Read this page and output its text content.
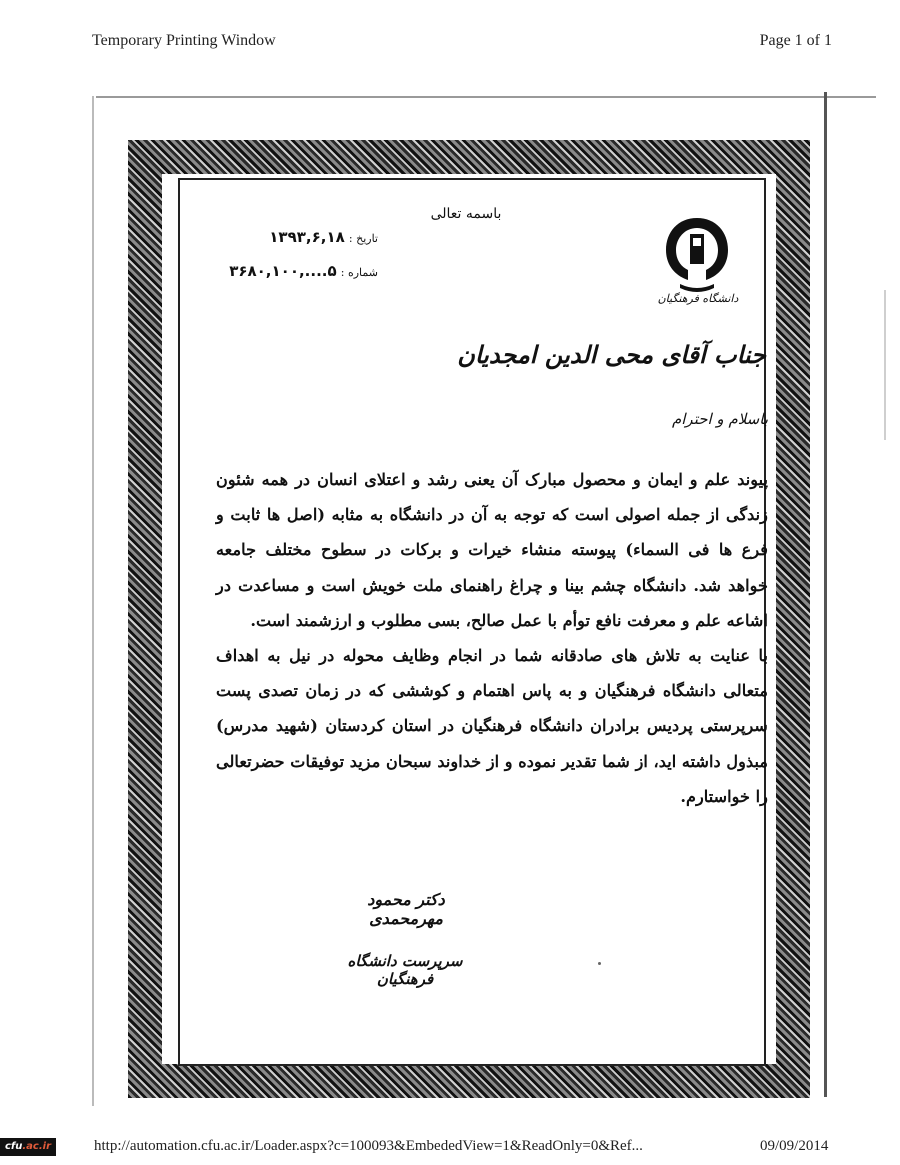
Temporary Printing Window	Page 1 of 1
دانشگاه فرهنگیان
باسمه تعالی
تاریخ : ۱۳۹۳,۶,۱۸
شماره : ۵....,۳۶۸۰,۱۰۰
جناب آقای محی الدین امجدیان
باسلام و احترام

پیوند علم و ایمان و محصول مبارک آن یعنی رشد و اعتلای انسان در همه شئون زندگی از جمله اصولی است که توجه به آن در دانشگاه به مثابه (اصل ها ثابت و فرع ها فی السماء) پیوسته منشاء خیرات و برکات در سطوح مختلف جامعه خواهد شد. دانشگاه چشم بینا و چراغ راهنمای ملت خویش است و مساعدت در اشاعه علم و معرفت نافع توأم با عمل صالح، بسی مطلوب و ارزشمند است.

با عنایت به تلاش های صادقانه شما در انجام وظایف محوله در نیل به اهداف متعالی دانشگاه فرهنگیان و به پاس اهتمام و کوششی که در زمان تصدی پست سرپرستی پردیس برادران دانشگاه فرهنگیان در استان کردستان (شهید مدرس) مبذول داشته اید، از شما تقدیر نموده و از خداوند سبحان مزید توفیقات حضرتعالی را خواستارم.

دکتر محمود مهرمحمدی
سرپرست دانشگاه فرهنگیان
http://automation.cfu.ac.ir/Loader.aspx?c=100093&EmbededView=1&ReadOnly=0&Ref...	09/09/2014
cfu.ac.ir
